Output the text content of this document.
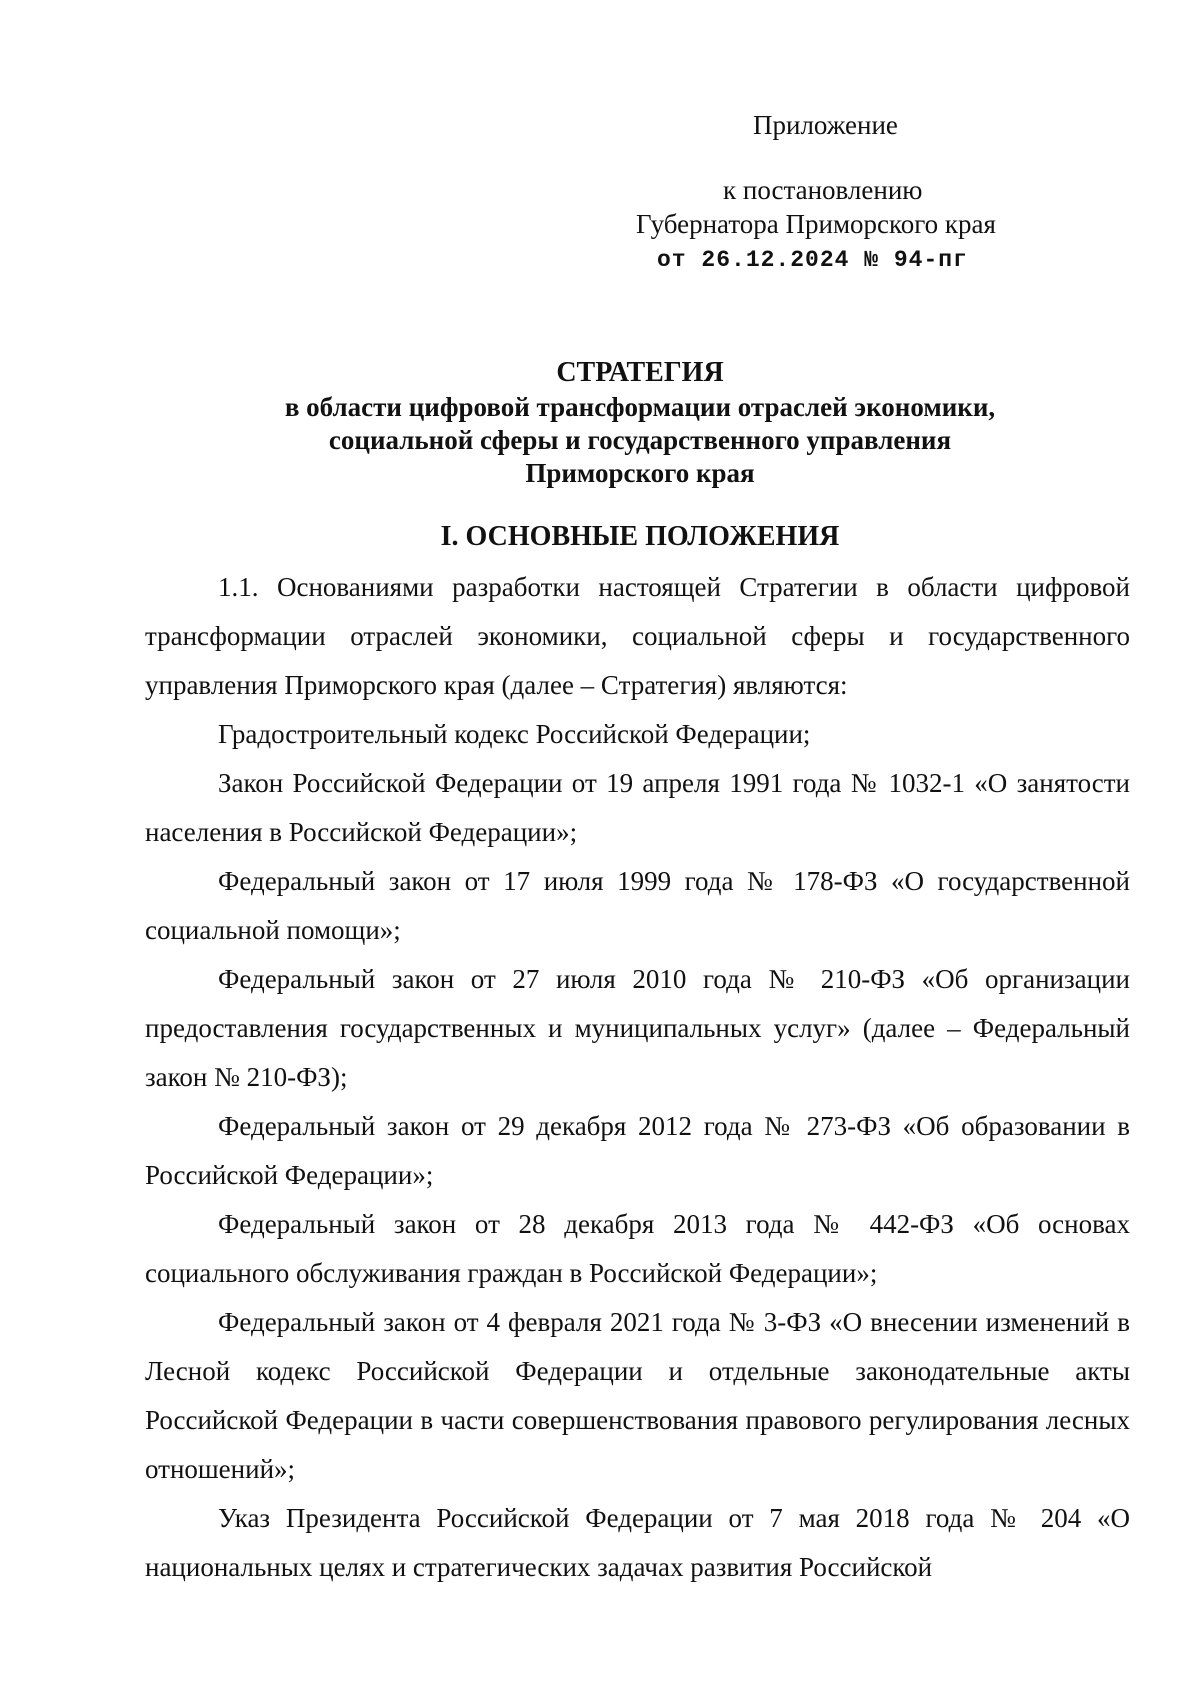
Приложение
к постановлению
Губернатора Приморского края
от 26.12.2024 № 94-пг
СТРАТЕГИЯ
в области цифровой трансформации отраслей экономики,
социальной сферы и государственного управления
Приморского края
I. ОСНОВНЫЕ ПОЛОЖЕНИЯ

1.1. Основаниями разработки настоящей Стратегии в области цифровой трансформации отраслей экономики, социальной сферы и государственного управления Приморского края (далее – Стратегия) являются:

Градостроительный кодекс Российской Федерации;

Закон Российской Федерации от 19 апреля 1991 года № 1032-1 «О занятости населения в Российской Федерации»;

Федеральный закон от 17 июля 1999 года № 178-ФЗ «О государственной социальной помощи»;

Федеральный закон от 27 июля 2010 года № 210-ФЗ «Об организации предоставления государственных и муниципальных услуг» (далее – Федеральный закон № 210-ФЗ);

Федеральный закон от 29 декабря 2012 года № 273-ФЗ «Об образовании в Российской Федерации»;

Федеральный закон от 28 декабря 2013 года № 442-ФЗ «Об основах социального обслуживания граждан в Российской Федерации»;

Федеральный закон от 4 февраля 2021 года № 3-ФЗ «О внесении изменений в Лесной кодекс Российской Федерации и отдельные законодательные акты Российской Федерации в части совершенствования правового регулирования лесных отношений»;

Указ Президента Российской Федерации от 7 мая 2018 года № 204 «О национальных целях и стратегических задачах развития Российской
